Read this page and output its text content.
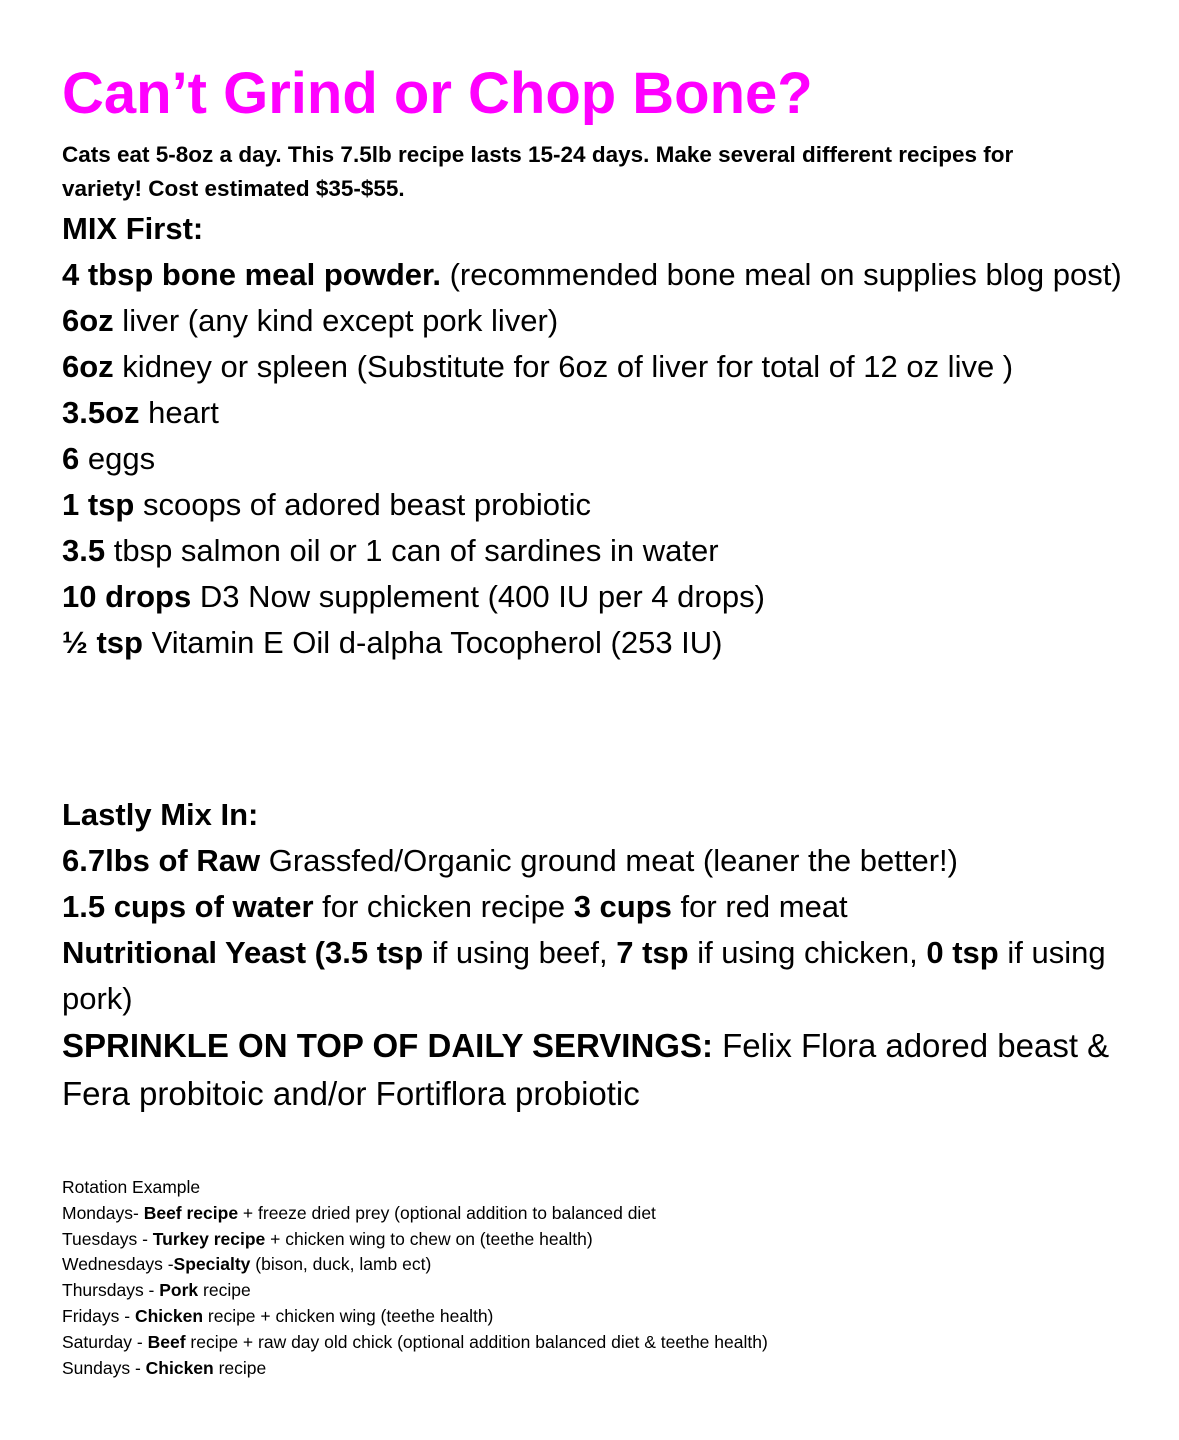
Can’t Grind or Chop Bone?

Cats eat 5-8oz a day. This 7.5lb recipe lasts 15-24 days. Make several different recipes for variety! Cost estimated $35-$55.

MIX First:

4 tbsp bone meal powder. (recommended bone meal on supplies blog post)

6oz liver (any kind except pork liver)

6oz kidney or spleen (Substitute for 6oz of liver for total of 12 oz live )

3.5oz heart

6 eggs

1 tsp scoops of adored beast probiotic

3.5 tbsp salmon oil or 1 can of sardines in water

10 drops D3 Now supplement (400 IU per 4 drops)

½ tsp Vitamin E Oil d-alpha Tocopherol (253 IU)

Lastly Mix In:

6.7lbs of Raw Grassfed/Organic ground meat (leaner the better!)

1.5 cups of water for chicken recipe 3 cups for red meat

Nutritional Yeast (3.5 tsp if using beef, 7 tsp if using chicken, 0 tsp if using pork)

SPRINKLE ON TOP OF DAILY SERVINGS: Felix Flora adored beast & Fera probitoic and/or Fortiflora probiotic

Rotation Example

Mondays- Beef recipe + freeze dried prey (optional addition to balanced diet

Tuesdays - Turkey recipe + chicken wing to chew on (teethe health)

Wednesdays -Specialty (bison, duck, lamb ect)

Thursdays - Pork recipe

Fridays - Chicken recipe + chicken wing (teethe health)

Saturday - Beef recipe + raw day old chick (optional addition balanced diet & teethe health)

Sundays - Chicken recipe
